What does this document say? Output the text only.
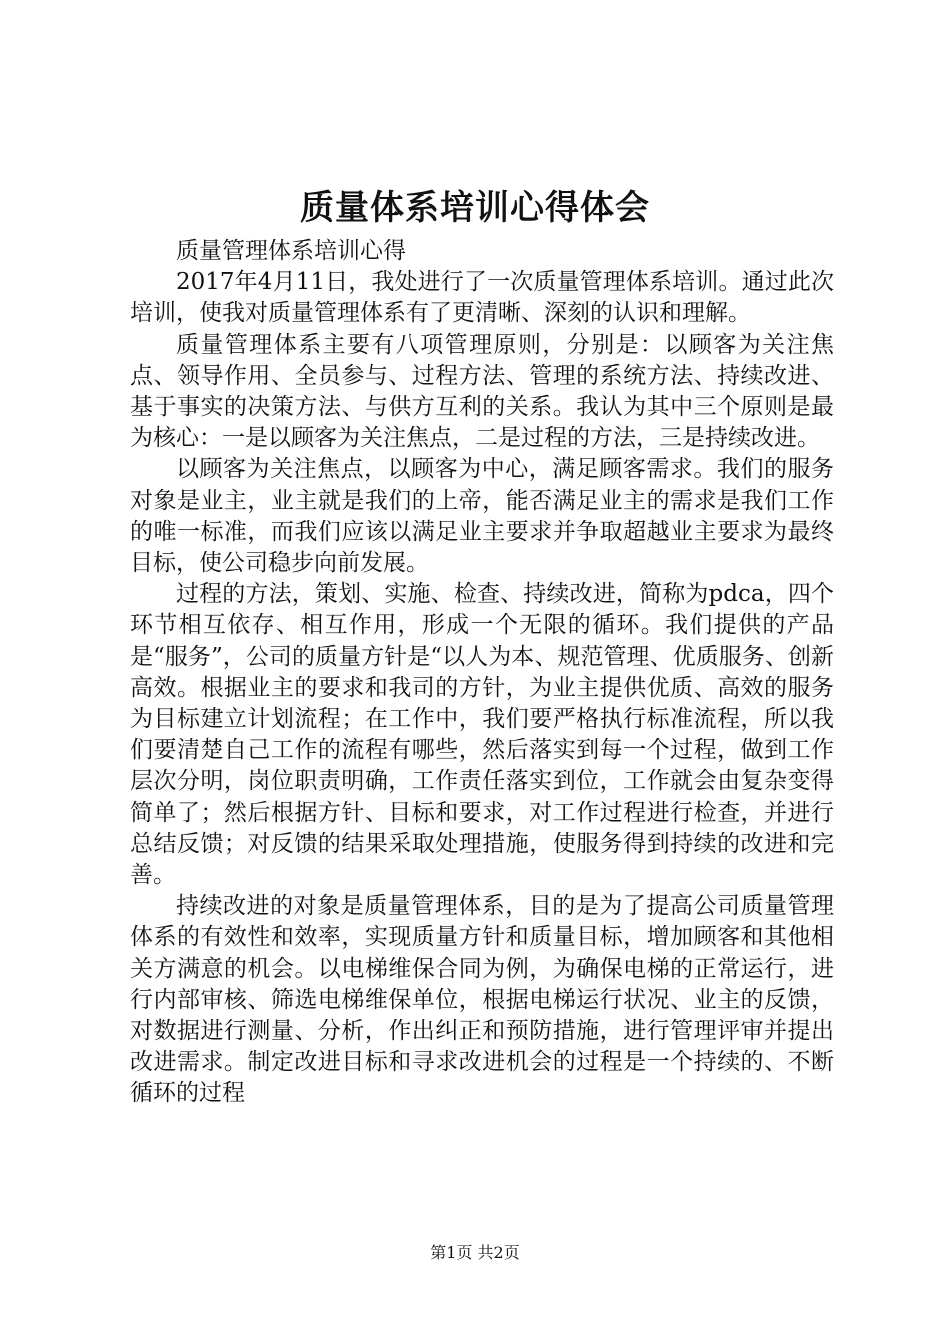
质量体系培训心得体会

质量管理体系培训心得

2017年4月11日，我处进行了一次质量管理体系培训。通过此次培训，使我对质量管理体系有了更清晰、深刻的认识和理解。

质量管理体系主要有八项管理原则，分别是：以顾客为关注焦点、领导作用、全员参与、过程方法、管理的系统方法、持续改进、基于事实的决策方法、与供方互利的关系。我认为其中三个原则是最为核心：一是以顾客为关注焦点，二是过程的方法，三是持续改进。

以顾客为关注焦点，以顾客为中心，满足顾客需求。我们的服务对象是业主，业主就是我们的上帝，能否满足业主的需求是我们工作的唯一标准，而我们应该以满足业主要求并争取超越业主要求为最终目标，使公司稳步向前发展。

过程的方法，策划、实施、检查、持续改进，简称为pdca，四个环节相互依存、相互作用，形成一个无限的循环。我们提供的产品是“服务”，公司的质量方针是“以人为本、规范管理、优质服务、创新高效。根据业主的要求和我司的方针，为业主提供优质、高效的服务为目标建立计划流程；在工作中，我们要严格执行标准流程，所以我们要清楚自己工作的流程有哪些，然后落实到每一个过程，做到工作层次分明，岗位职责明确，工作责任落实到位，工作就会由复杂变得简单了；然后根据方针、目标和要求，对工作过程进行检查，并进行总结反馈；对反馈的结果采取处理措施，使服务得到持续的改进和完善。

持续改进的对象是质量管理体系，目的是为了提高公司质量管理体系的有效性和效率，实现质量方针和质量目标，增加顾客和其他相关方满意的机会。以电梯维保合同为例，为确保电梯的正常运行，进行内部审核、筛选电梯维保单位，根据电梯运行状况、业主的反馈，对数据进行测量、分析，作出纠正和预防措施，进行管理评审并提出改进需求。制定改进目标和寻求改进机会的过程是一个持续的、不断循环的过程

第1页 共2页
